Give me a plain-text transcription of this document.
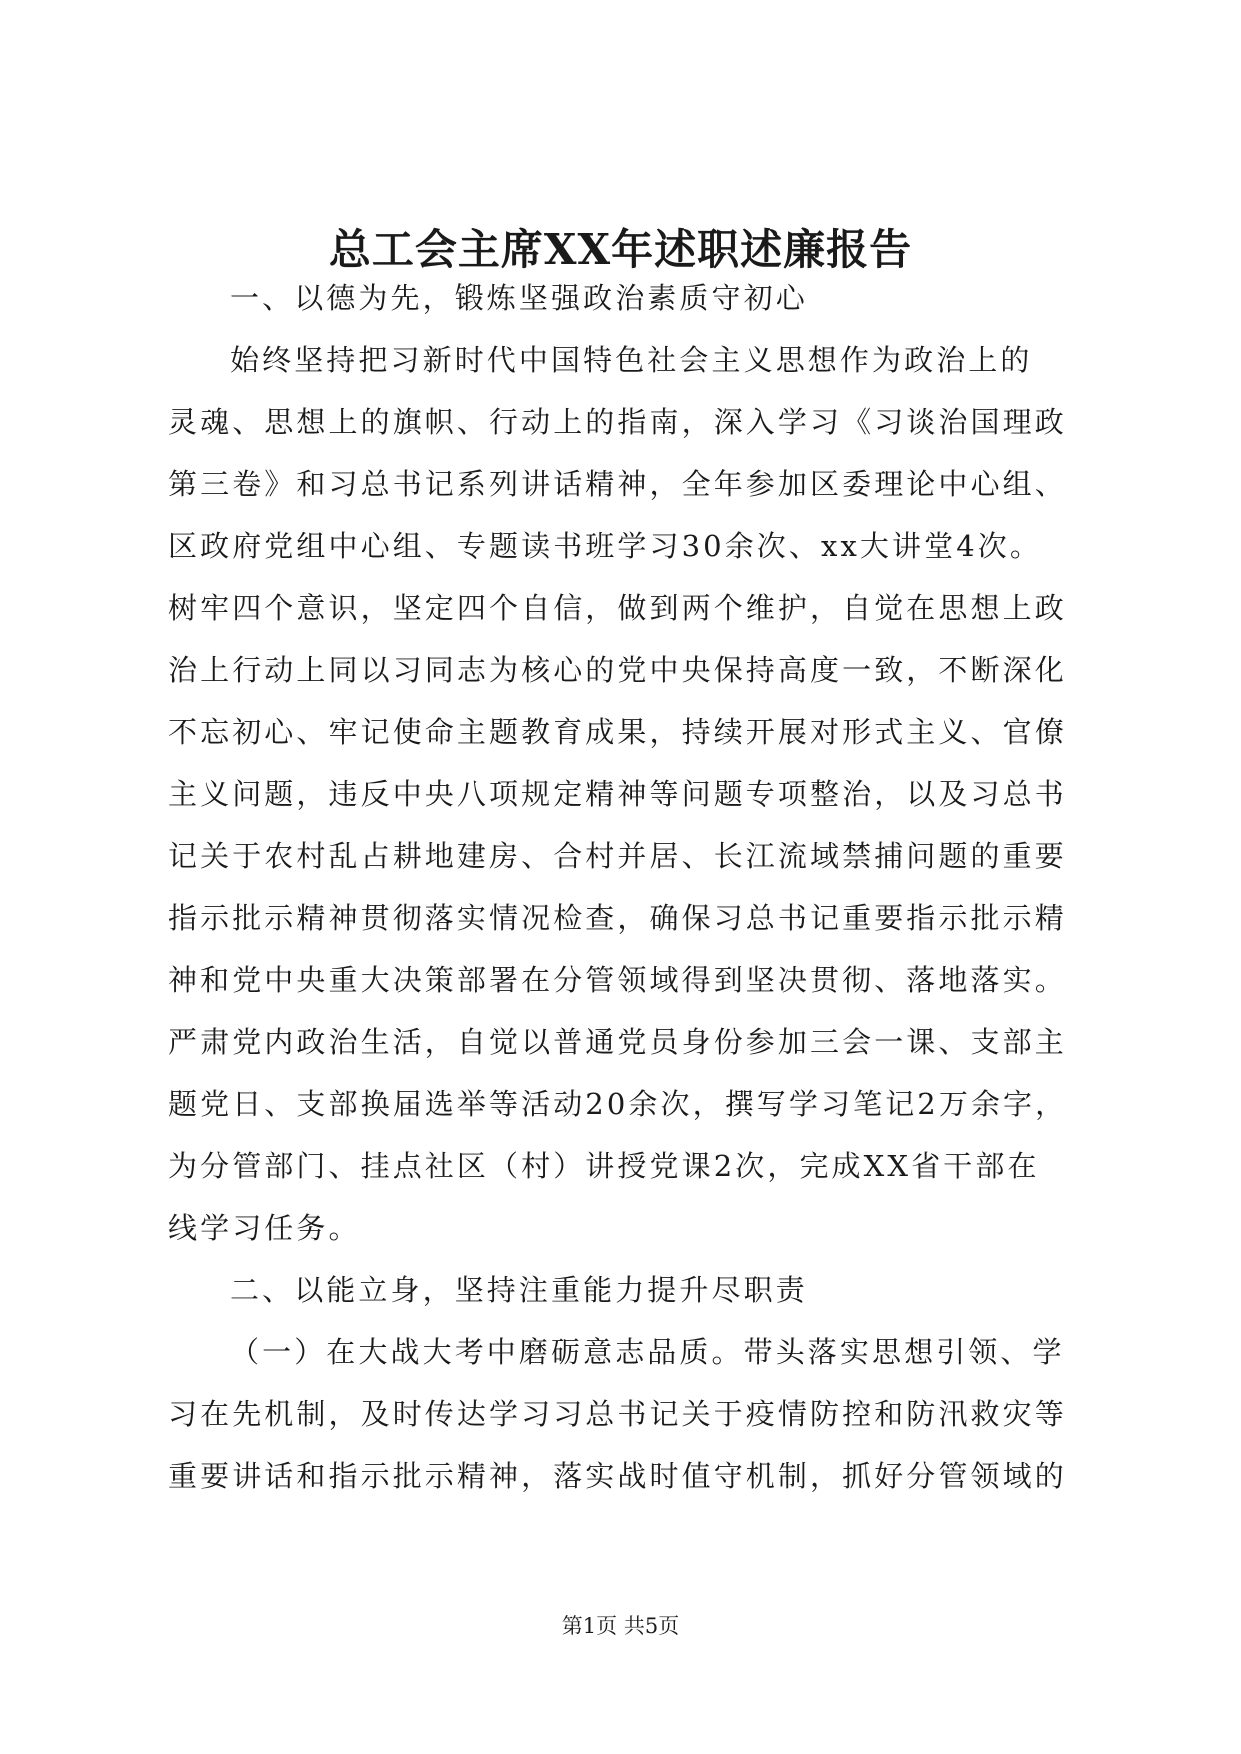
总工会主席XX年述职述廉报告
一、以德为先，锻炼坚强政治素质守初心
始终坚持把习新时代中国特色社会主义思想作为政治上的
灵魂、思想上的旗帜、行动上的指南，深入学习《习谈治国理政
第三卷》和习总书记系列讲话精神，全年参加区委理论中心组、
区政府党组中心组、专题读书班学习30余次、xx大讲堂4次。
树牢四个意识，坚定四个自信，做到两个维护，自觉在思想上政
治上行动上同以习同志为核心的党中央保持高度一致，不断深化
不忘初心、牢记使命主题教育成果，持续开展对形式主义、官僚
主义问题，违反中央八项规定精神等问题专项整治，以及习总书
记关于农村乱占耕地建房、合村并居、长江流域禁捕问题的重要
指示批示精神贯彻落实情况检查，确保习总书记重要指示批示精
神和党中央重大决策部署在分管领域得到坚决贯彻、落地落实。
严肃党内政治生活，自觉以普通党员身份参加三会一课、支部主
题党日、支部换届选举等活动20余次，撰写学习笔记2万余字，
为分管部门、挂点社区（村）讲授党课2次，完成XX省干部在
线学习任务。
二、以能立身，坚持注重能力提升尽职责
（一）在大战大考中磨砺意志品质。带头落实思想引领、学
习在先机制，及时传达学习习总书记关于疫情防控和防汛救灾等
重要讲话和指示批示精神，落实战时值守机制，抓好分管领域的
第1页 共5页
